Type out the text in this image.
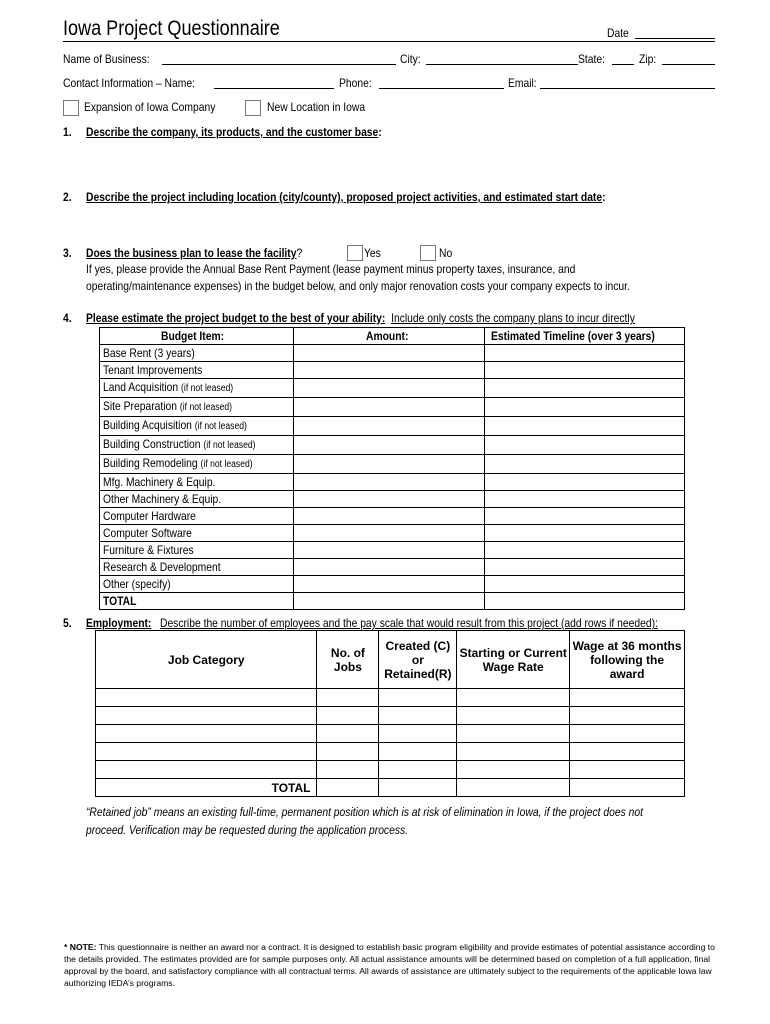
Iowa Project Questionnaire	Date
Name of Business:	City:	State:	Zip:
Contact Information – Name:	Phone:	Email:
Expansion of Iowa Company	New Location in Iowa
1. Describe the company, its products, and the customer base:
2. Describe the project including location (city/county), proposed project activities, and estimated start date:
3. Does the business plan to lease the facility?	Yes	No
If yes, please provide the Annual Base Rent Payment (lease payment minus property taxes, insurance, and
operating/maintenance expenses) in the budget below, and only major renovation costs your company expects to incur.
4. Please estimate the project budget to the best of your ability: Include only costs the company plans to incur directly
Budget Item:	Amount:	Estimated Timeline (over 3 years)
Base Rent (3 years)		
Tenant Improvements		
Land Acquisition (if not leased)		
Site Preparation (if not leased)		
Building Acquisition (if not leased)		
Building Construction (if not leased)		
Building Remodeling (if not leased)		
Mfg. Machinery & Equip.		
Other Machinery & Equip.		
Computer Hardware		
Computer Software		
Furniture & Fixtures		
Research & Development		
Other (specify)		
TOTAL		
5. Employment: Describe the number of employees and the pay scale that would result from this project (add rows if needed):
Job Category	No. of Jobs	Created (C) or Retained(R)	Starting or Current Wage Rate	Wage at 36 months following the award

TOTAL				
“Retained job” means an existing full-time, permanent position which is at risk of elimination in Iowa, if the project does not
proceed. Verification may be requested during the application process.
* NOTE: This questionnaire is neither an award nor a contract. It is designed to establish basic program eligibility and provide estimates of potential assistance according to the details provided. The estimates provided are for sample purposes only. All actual assistance amounts will be determined based on completion of a full application, final approval by the board, and satisfactory compliance with all contractual terms. All awards of assistance are ultimately subject to the requirements of the applicable Iowa law authorizing IEDA’s programs.
